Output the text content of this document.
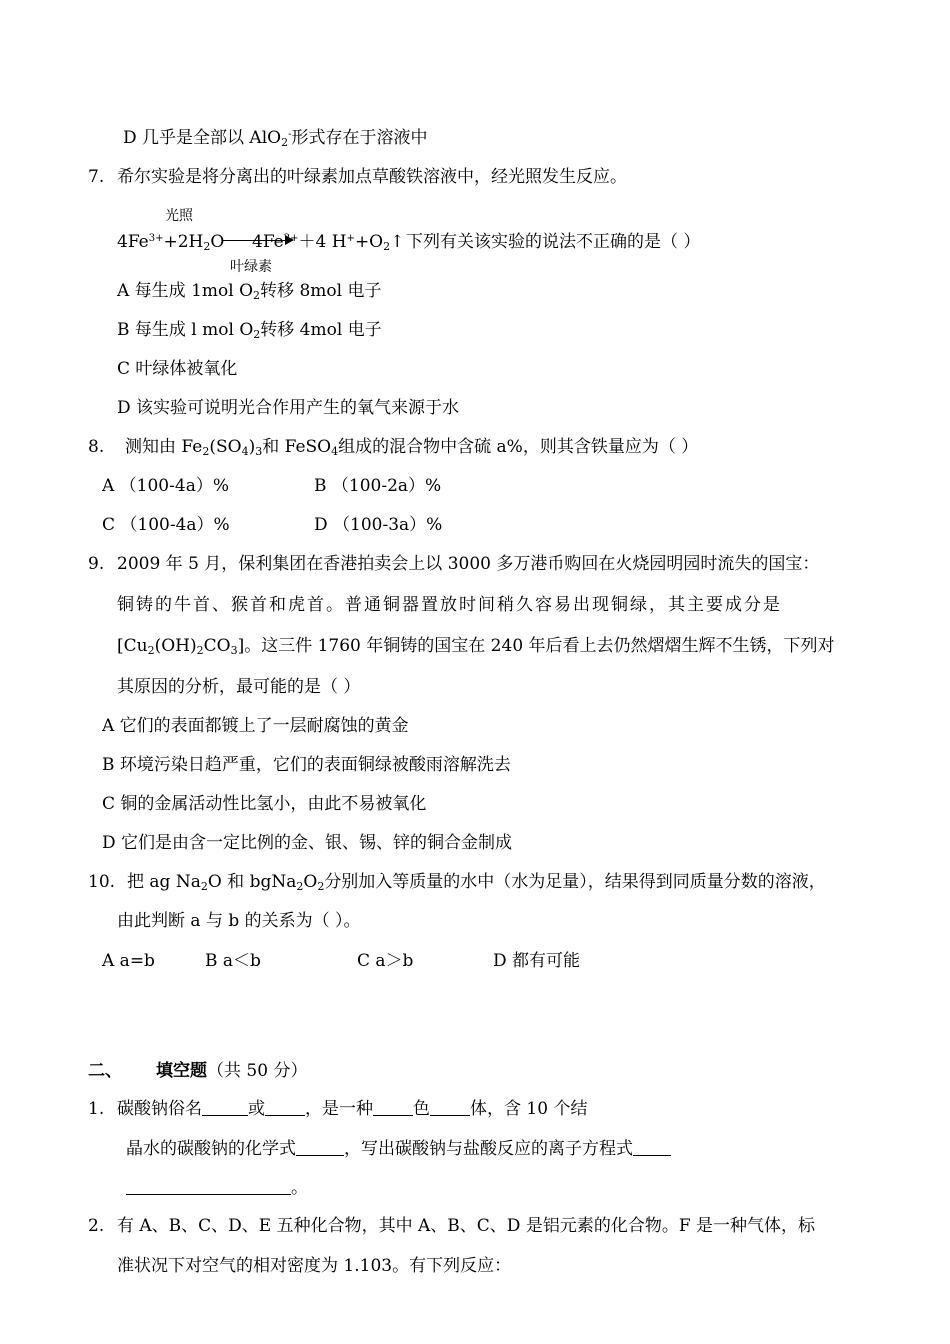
D 几乎是全部以 AlO$_2$-形式存在于溶液中
7. 希尔实验是将分离出的叶绿素加点草酸铁溶液中，经光照发生反应。
光照
$4Fe^{3+}+2H_2O$ $4Fe^{2+}+4$ $H^++O_2↑$ 下列有关该实验的说法不正确的是（ ）
叶绿素
A 每生成 1mol $O_2$转移 8mol 电子
B 每生成 l mol $O_2$转移 4mol 电子
C 叶绿体被氧化
D 该实验可说明光合作用产生的氧气来源于水
8. 测知由 $Fe_2(SO_4)_3$和 FeSO$_4$组成的混合物中含硫 a%，则其含铁量应为（ ）
A （100-4a）%	B （100-2a）%
C （100-4a）%	D （100-3a）%
9. 2009 年 5 月，保利集团在香港拍卖会上以 3000 多万港币购回在火烧园明园时流失的国宝：
铜铸的牛首、猴首和虎首。普通铜器置放时间稍久容易出现铜绿，其主要成分是
$[Cu_2(OH)_2CO_3]$。这三件 1760 年铜铸的国宝在 240 年后看上去仍然熠熠生辉不生锈，下列对
其原因的分析，最可能的是（ ）
A 它们的表面都镀上了一层耐腐蚀的黄金
B 环境污染日趋严重，它们的表面铜绿被酸雨溶解洗去
C 铜的金属活动性比氢小，由此不易被氧化
D 它们是由含一定比例的金、银、锡、锌的铜合金制成
10. 把 ag $Na_2O$ 和 $bgNa_2O_2$分别加入等质量的水中（水为足量），结果得到同质量分数的溶液，
由此判断 a 与 b 的关系为（ ）。
A a=b	B a＜b	C a＞b	D 都有可能
二、 填空题（共 50 分）
1. 碳酸钠俗名	或 ，是一种 色 体，含 10 个结
晶水的碳酸钠的化学式	，写出碳酸钠与盐酸反应的离子方程式
。
2. 有 A、B、C、D、E 五种化合物，其中 A、B、C、D 是铝元素的化合物。F 是一种气体，标
准状况下对空气的相对密度为 1.103。有下列反应：
